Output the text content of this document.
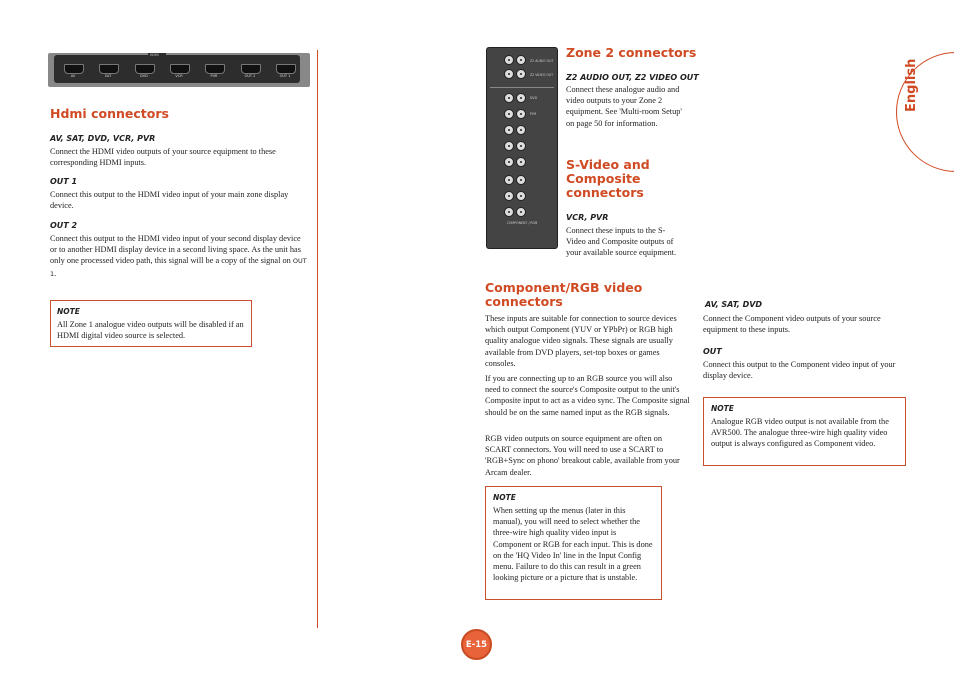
HDMI
AV	SAT	DVD	VCR	PVR	OUT 2	OUT 1
Hdmi connectors
AV, SAT, DVD, VCR, PVR
Connect the HDMI video outputs of your source equipment to these corresponding HDMI inputs.
OUT 1
Connect this output to the HDMI video input of your main zone display device.
OUT 2
Connect this output to the HDMI video input of your second display device or to another HDMI display device in a second living space. As the unit has only one processed video path, this signal will be a copy of the signal on OUT 1.
NOTE
All Zone 1 analogue video outputs will be disabled if an HDMI digital video source is selected.
Z2 AUDIO OUT
Z2 VIDEO OUT
DVD
PVR
COMPONENT / RGB
Zone 2 connectors
Z2 AUDIO OUT, Z2 VIDEO OUT
Connect these analogue audio and video outputs to your Zone 2 equipment. See 'Multi-room Setup' on page 50 for information.
S-Video and Composite connectors
VCR, PVR
Connect these inputs to the S-Video and Composite outputs of your available source equipment.
Component/RGB video connectors
These inputs are suitable for connection to source devices which output Component (YUV or YPbPr) or RGB high quality analogue video signals. These signals are usually available from DVD players, set-top boxes or games consoles.
If you are connecting up to an RGB source you will also need to connect the source's Composite output to the unit's Composite input to act as a video sync. The Composite signal should be on the same named input as the RGB signals.
RGB video outputs on source equipment are often on SCART connectors. You will need to use a SCART to 'RGB+Sync on phono' breakout cable, available from your Arcam dealer.
NOTE
When setting up the menus (later in this manual), you will need to select whether the three-wire high quality video input is Component or RGB for each input. This is done on the 'HQ Video In' line in the Input Config menu. Failure to do this can result in a green looking picture or a picture that is unstable.
AV, SAT, DVD
Connect the Component video outputs of your source equipment to these inputs.
OUT
Connect this output to the Component video input of your display device.
NOTE
Analogue RGB video output is not available from the AVR500. The analogue three-wire high quality video output is always configured as Component video.
English
E-15
